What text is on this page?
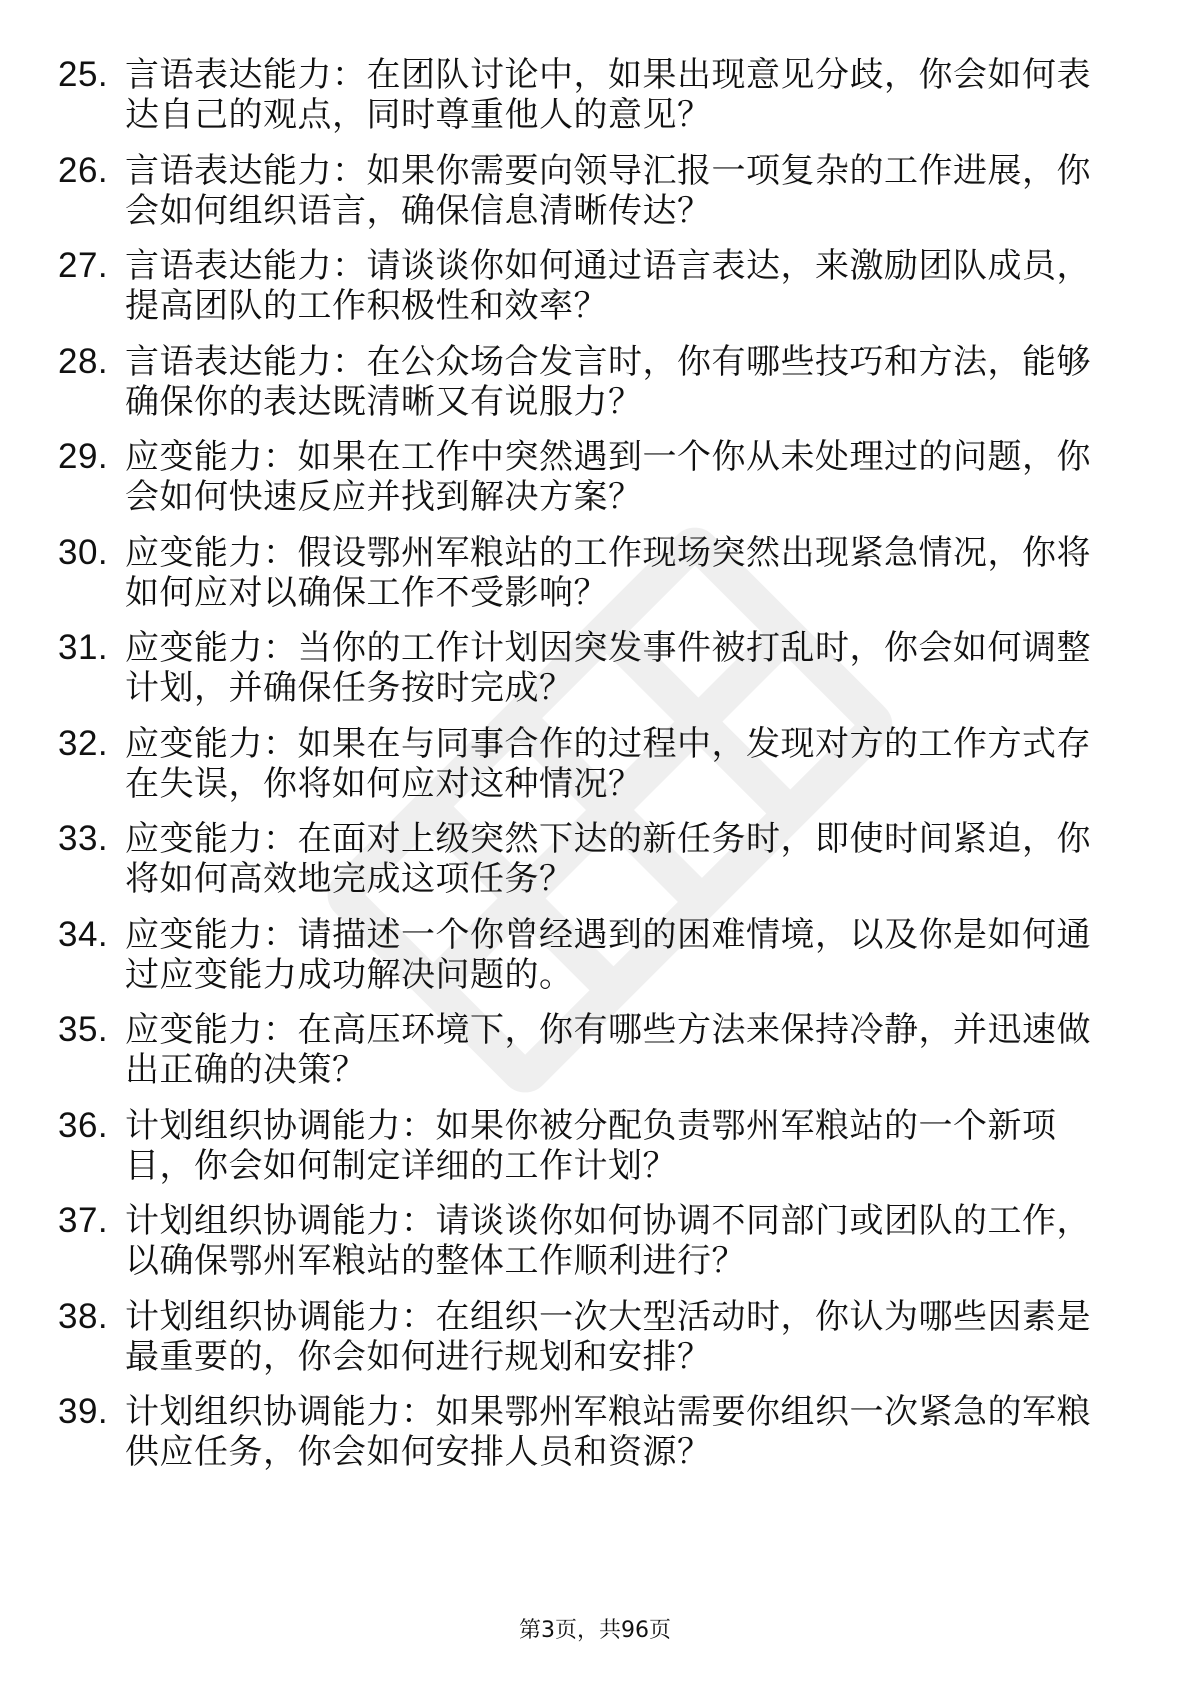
25. 言语表达能力：在团队讨论中，如果出现意见分歧，你会如何表达自己的观点，同时尊重他人的意见？
26. 言语表达能力：如果你需要向领导汇报一项复杂的工作进展，你会如何组织语言，确保信息清晰传达？
27. 言语表达能力：请谈谈你如何通过语言表达，来激励团队成员，提高团队的工作积极性和效率？
28. 言语表达能力：在公众场合发言时，你有哪些技巧和方法，能够确保你的表达既清晰又有说服力？
29. 应变能力：如果在工作中突然遇到一个你从未处理过的问题，你会如何快速反应并找到解决方案？
30. 应变能力：假设鄂州军粮站的工作现场突然出现紧急情况，你将如何应对以确保工作不受影响？
31. 应变能力：当你的工作计划因突发事件被打乱时，你会如何调整计划，并确保任务按时完成？
32. 应变能力：如果在与同事合作的过程中，发现对方的工作方式存在失误，你将如何应对这种情况？
33. 应变能力：在面对上级突然下达的新任务时，即使时间紧迫，你将如何高效地完成这项任务？
34. 应变能力：请描述一个你曾经遇到的困难情境，以及你是如何通过应变能力成功解决问题的。
35. 应变能力：在高压环境下，你有哪些方法来保持冷静，并迅速做出正确的决策？
36. 计划组织协调能力：如果你被分配负责鄂州军粮站的一个新项目，你会如何制定详细的工作计划？
37. 计划组织协调能力：请谈谈你如何协调不同部门或团队的工作，以确保鄂州军粮站的整体工作顺利进行？
38. 计划组织协调能力：在组织一次大型活动时，你认为哪些因素是最重要的，你会如何进行规划和安排？
39. 计划组织协调能力：如果鄂州军粮站需要你组织一次紧急的军粮供应任务，你会如何安排人员和资源？
第3页，共96页
